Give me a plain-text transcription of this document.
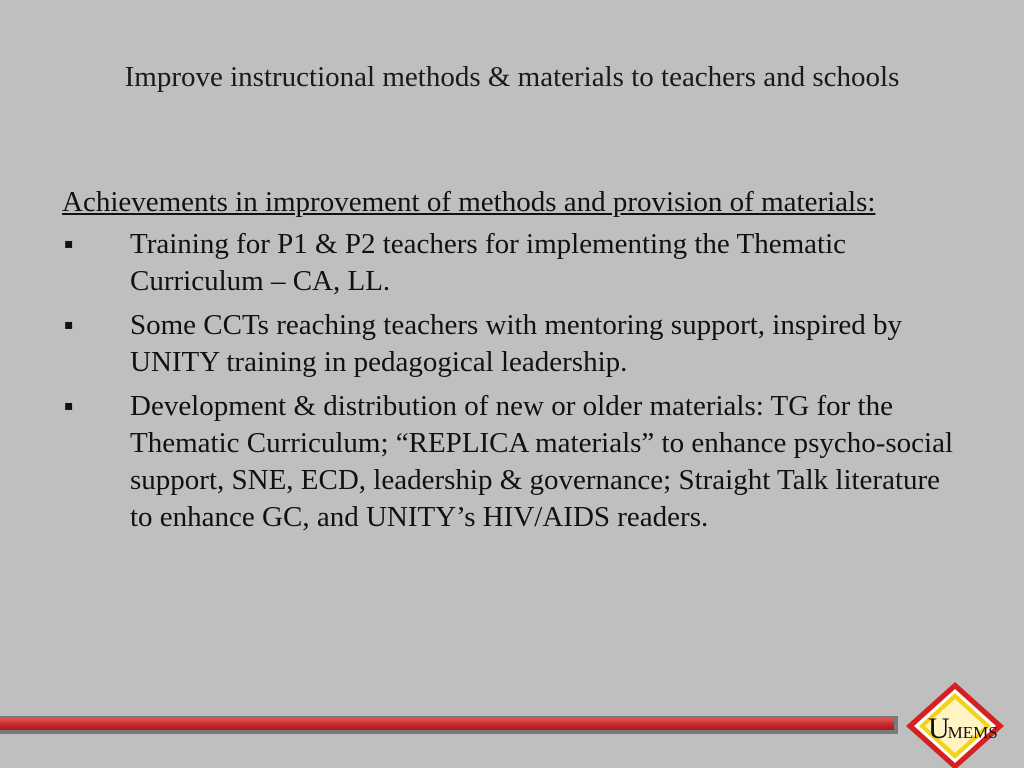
Improve instructional methods & materials to teachers and schools

Achievements in improvement of methods and provision of materials:

▪ Training for P1 & P2 teachers for implementing the Thematic Curriculum – CA, LL.
▪ Some CCTs reaching teachers with mentoring support, inspired by UNITY training in pedagogical leadership.
▪ Development & distribution of new or older materials: TG for the Thematic Curriculum; “REPLICA materials” to enhance psycho-social support, SNE, ECD, leadership & governance; Straight Talk literature to enhance GC, and UNITY’s HIV/AIDS readers.
UMEMS
